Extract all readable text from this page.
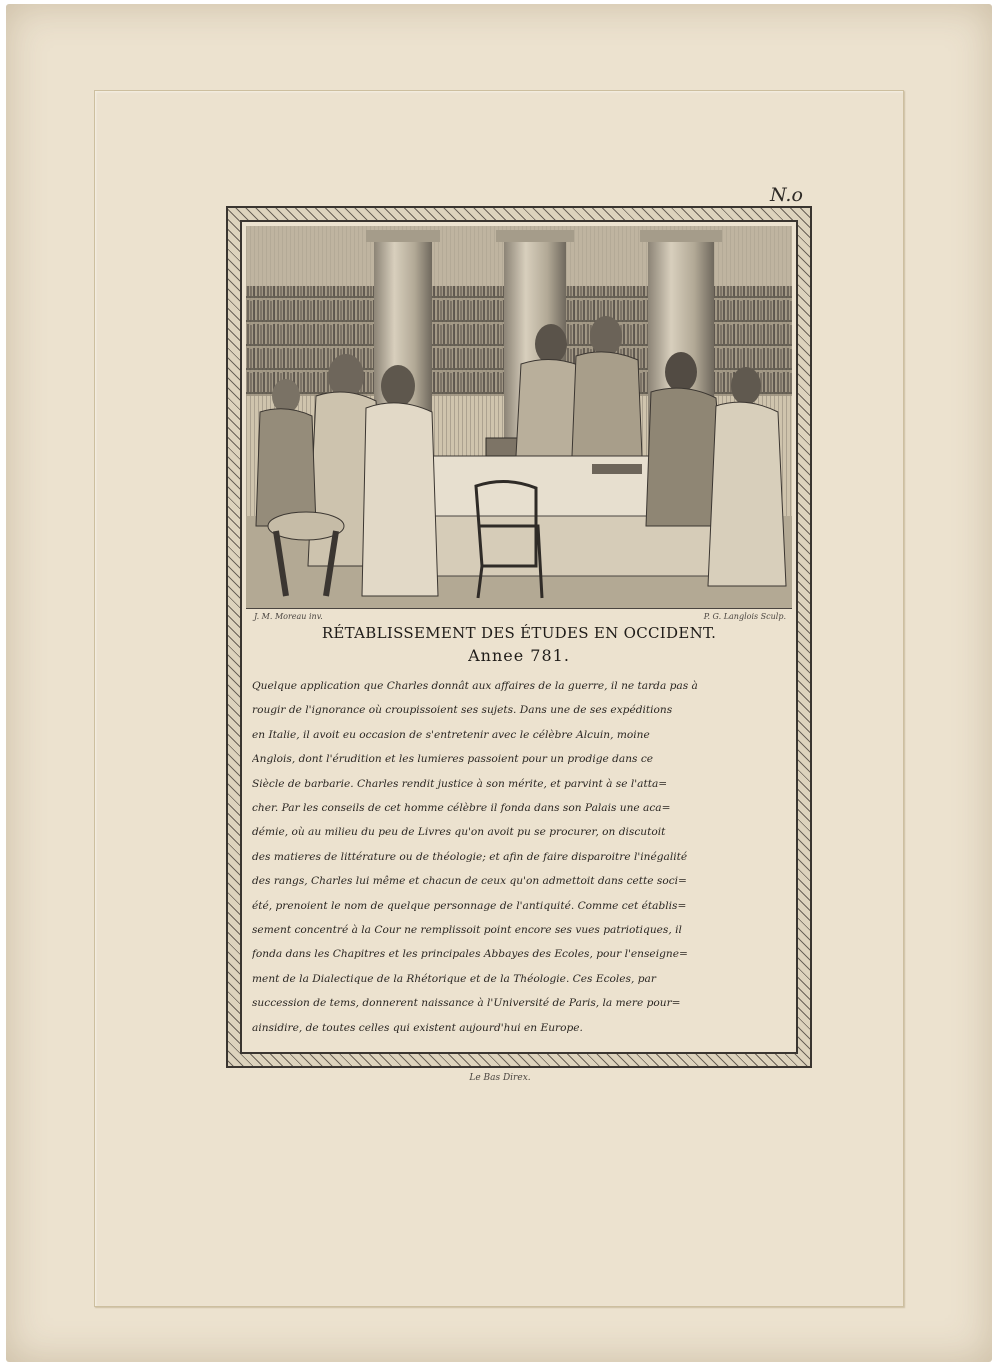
N.o
J. M. Moreau inv.	P. G. Langlois Sculp.
RÉTABLISSEMENT DES ÉTUDES EN OCCIDENT.
Annee 781.
Quelque application que Charles donnât aux affaires de la guerre, il ne tarda pas à
rougir de l'ignorance où croupissoient ses sujets. Dans une de ses expéditions
en Italie, il avoit eu occasion de s'entretenir avec le célèbre Alcuin, moine
Anglois, dont l'érudition et les lumieres passoient pour un prodige dans ce
Siècle de barbarie. Charles rendit justice à son mérite, et parvint à se l'atta=
cher. Par les conseils de cet homme célèbre il fonda dans son Palais une aca=
démie, où au milieu du peu de Livres qu'on avoit pu se procurer, on discutoit
des matieres de littérature ou de théologie; et afin de faire disparoitre l'inégalité
des rangs, Charles lui même et chacun de ceux qu'on admettoit dans cette soci=
été, prenoient le nom de quelque personnage de l'antiquité. Comme cet établis=
sement concentré à la Cour ne remplissoit point encore ses vues patriotiques, il
fonda dans les Chapitres et les principales Abbayes des Ecoles, pour l'enseigne=
ment de la Dialectique de la Rhétorique et de la Théologie. Ces Ecoles, par
succession de tems, donnerent naissance à l'Université de Paris, la mere pour=
ainsidire, de toutes celles qui existent aujourd'hui en Europe.
Le Bas Direx.
